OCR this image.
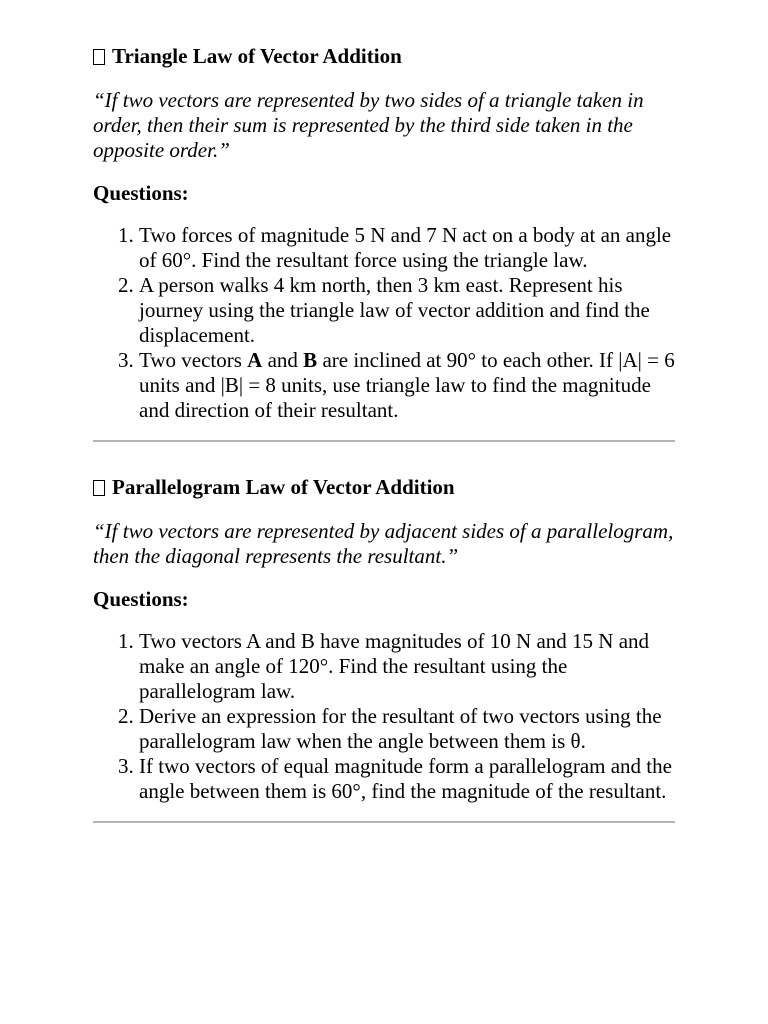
Triangle Law of Vector Addition

“If two vectors are represented by two sides of a triangle taken in order, then their sum is represented by the third side taken in the opposite order.”

Questions:

1. Two forces of magnitude 5 N and 7 N act on a body at an angle of 60°. Find the resultant force using the triangle law.
2. A person walks 4 km north, then 3 km east. Represent his journey using the triangle law of vector addition and find the displacement.
3. Two vectors A and B are inclined at 90° to each other. If |A| = 6 units and |B| = 8 units, use triangle law to find the magnitude and direction of their resultant.
Parallelogram Law of Vector Addition

“If two vectors are represented by adjacent sides of a parallelogram, then the diagonal represents the resultant.”

Questions:

1. Two vectors A and B have magnitudes of 10 N and 15 N and make an angle of 120°. Find the resultant using the parallelogram law.
2. Derive an expression for the resultant of two vectors using the parallelogram law when the angle between them is θ.
3. If two vectors of equal magnitude form a parallelogram and the angle between them is 60°, find the magnitude of the resultant.
